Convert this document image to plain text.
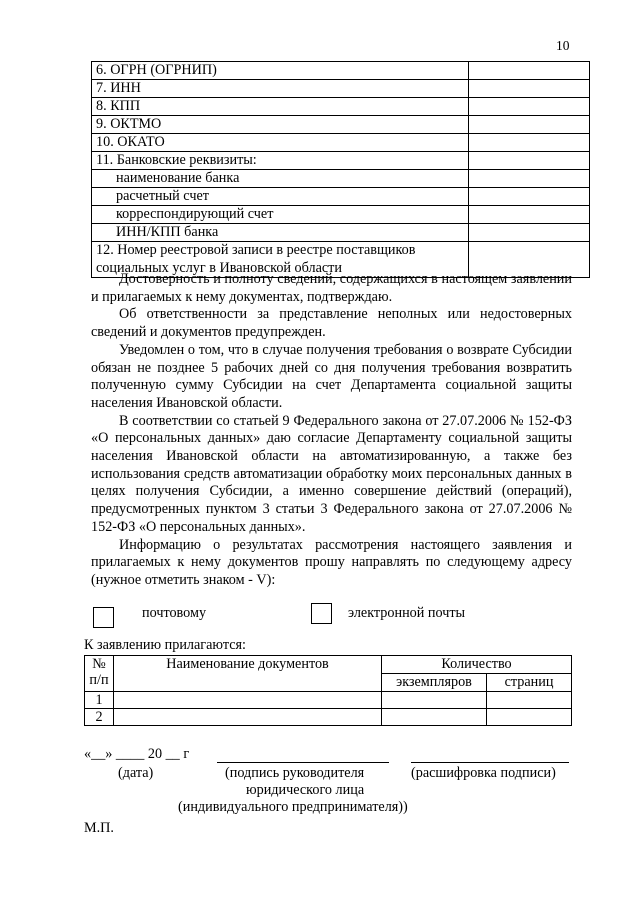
10
6. ОГРН (ОГРНИП)	
7. ИНН	
8. КПП	
9. ОКТМО	
10. ОКАТО	
11. Банковские реквизиты:	
наименование банка	
расчетный счет	
корреспондирующий счет	
ИНН/КПП банка	

12. Номер реестровой записи в реестре поставщиков
социальных услуг в Ивановской области	

Достоверность и полноту сведений, содержащихся в настоящем заявлении и прилагаемых к нему документах, подтверждаю.

Об ответственности за представление неполных или недостоверных сведений и документов предупрежден.

Уведомлен о том, что в случае получения требования о возврате Субсидии обязан не позднее 5 рабочих дней со дня получения требования возвратить полученную сумму Субсидии на счет Департамента социальной защиты населения Ивановской области.

В соответствии со статьей 9 Федерального закона от 27.07.2006 № 152-ФЗ «О персональных данных» даю согласие Департаменту социальной защиты населения Ивановской области на автоматизированную, а также без использования средств автоматизации обработку моих персональных данных в целях получения Субсидии, а именно совершение действий (операций), предусмотренных пунктом 3 статьи 3 Федерального закона от 27.07.2006 № 152-ФЗ «О персональных данных».

Информацию о результатах рассмотрения настоящего заявления и прилагаемых к нему документов прошу направлять по следующему адресу (нужное отметить знаком - V):

почтовому	электронной почты
К заявлению прилагаются:
№
п/п	Наименование документов	Количество	
		экземпляров	страниц
1			
2			
«__» ____ 20 __ г
(дата)	(подпись руководителя	(расшифровка подписи)
юридического лица
(индивидуального предпринимателя))
М.П.
